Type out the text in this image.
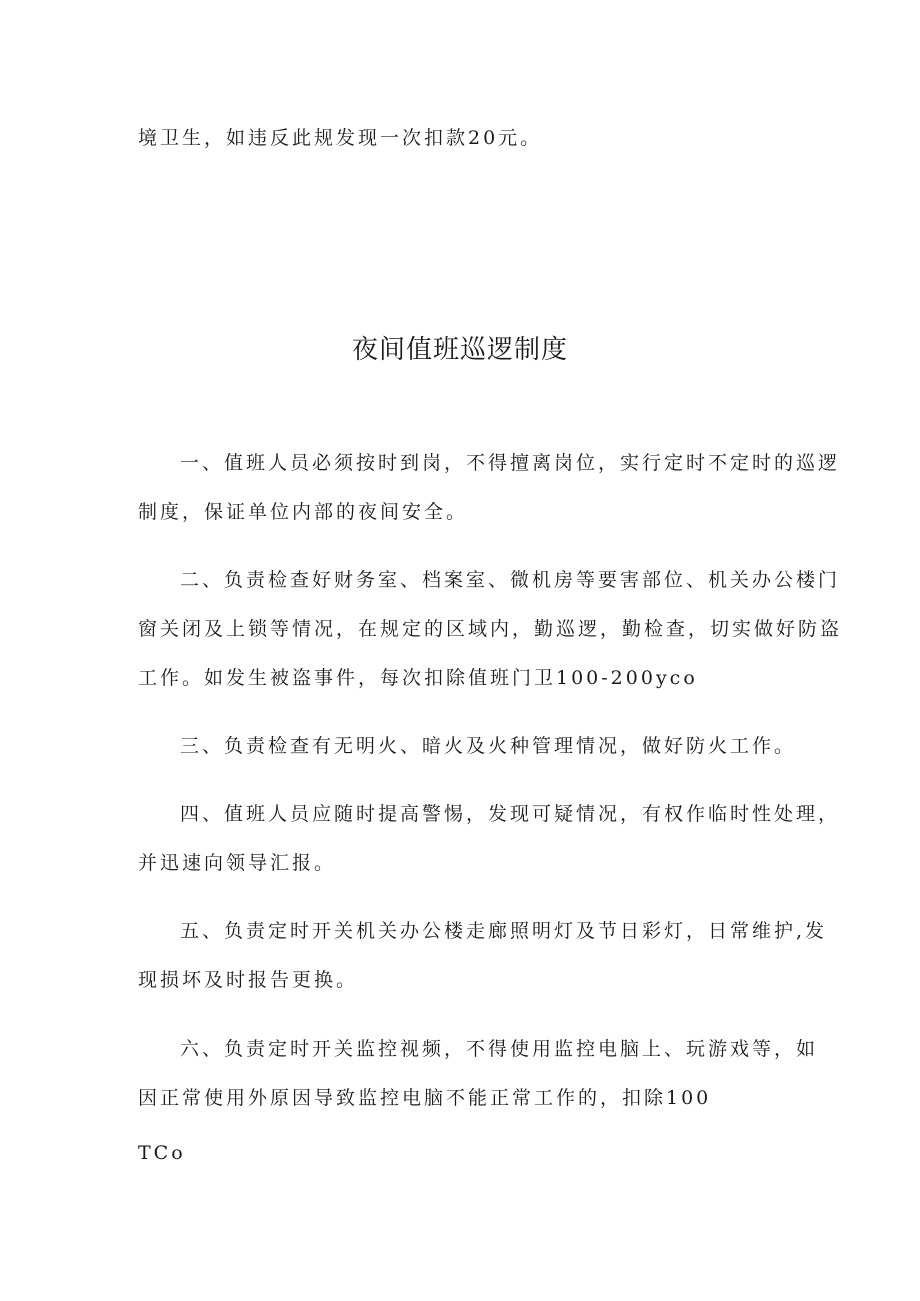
境卫生，如违反此规发现一次扣款20元。
夜间值班巡逻制度
一、值班人员必须按时到岗，不得擅离岗位，实行定时不定时的巡逻
制度，保证单位内部的夜间安全。
二、负责检查好财务室、档案室、微机房等要害部位、机关办公楼门
窗关闭及上锁等情况，在规定的区域内，勤巡逻，勤检查，切实做好防盗
工作。如发生被盗事件，每次扣除值班门卫100-200yco
三、负责检查有无明火、暗火及火种管理情况，做好防火工作。
四、值班人员应随时提高警惕，发现可疑情况，有权作临时性处理，
并迅速向领导汇报。
五、负责定时开关机关办公楼走廊照明灯及节日彩灯，日常维护,发
现损坏及时报告更换。
六、负责定时开关监控视频，不得使用监控电脑上、玩游戏等，如
因正常使用外原因导致监控电脑不能正常工作的，扣除100
TCo
